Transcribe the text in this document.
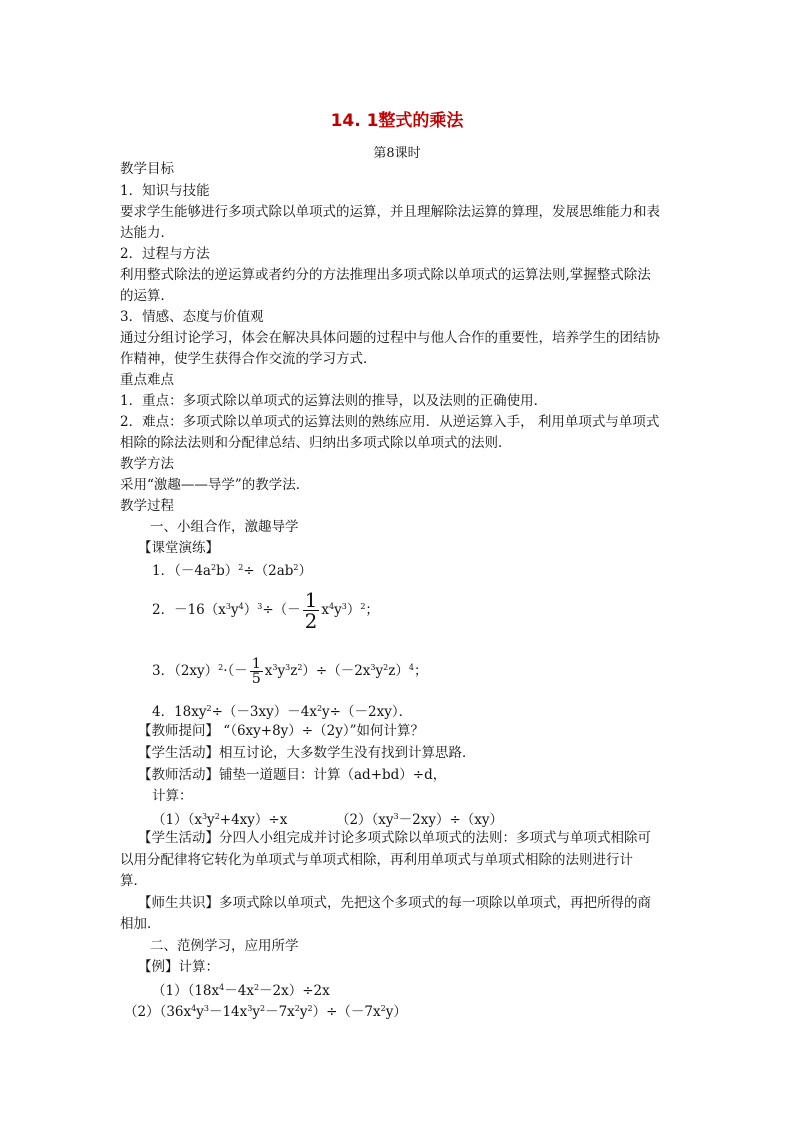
14. 1整式的乘法
第8课时
教学目标
1．知识与技能
要求学生能够进行多项式除以单项式的运算，并且理解除法运算的算理，发展思维能力和表
达能力．
2．过程与方法
利用整式除法的逆运算或者约分的方法推理出多项式除以单项式的运算法则,掌握整式除法
的运算．
3．情感、态度与价值观
通过分组讨论学习，体会在解决具体问题的过程中与他人合作的重要性，培养学生的团结协
作精神，使学生获得合作交流的学习方式．
重点难点
1．重点：多项式除以单项式的运算法则的推导，以及法则的正确使用．
2．难点：多项式除以单项式的运算法则的熟练应用．从逆运算入手， 利用单项式与单项式
相除的除法法则和分配律总结、归纳出多项式除以单项式的法则．
教学方法
采用“激趣——导学”的教学法．
教学过程
一、小组合作，激趣导学
【课堂演练】
1．$(-4a^2b)^2\div(2ab^2)$
2．$-16(x^3y^4)^3\div(- \frac{1}{2} x^4y^3)^2$；
3．$(2xy)^2\cdot(- \frac{1}{5} x^3y^3z^2)\div(-2x^3y^2z)^4$；
4．$18xy^2\div(-3xy)-4x^2y\div(-2xy)$．
【教师提问】 “（6xy+8y）÷（2y）”如何计算？
【学生活动】相互讨论，大多数学生没有找到计算思路．
【教师活动】铺垫一道题目：计算（ad+bd）÷d，
计算：
$(1)(x^3y^2+4xy)\div x$	$(2)(xy^3-2xy)\div(xy)$
【学生活动】分四人小组完成并讨论多项式除以单项式的法则：多项式与单项式相除可
以用分配律将它转化为单项式与单项式相除，再利用单项式与单项式相除的法则进行计
算．
【师生共识】多项式除以单项式，先把这个多项式的每一项除以单项式，再把所得的商
相加．
二、范例学习，应用所学
【例】计算：
$(1)(18x^4-4x^2-2x)\div 2x$
$(2)(36x^4y^3-14x^3y^2-7x^2y^2)\div(-7x^2y)$
